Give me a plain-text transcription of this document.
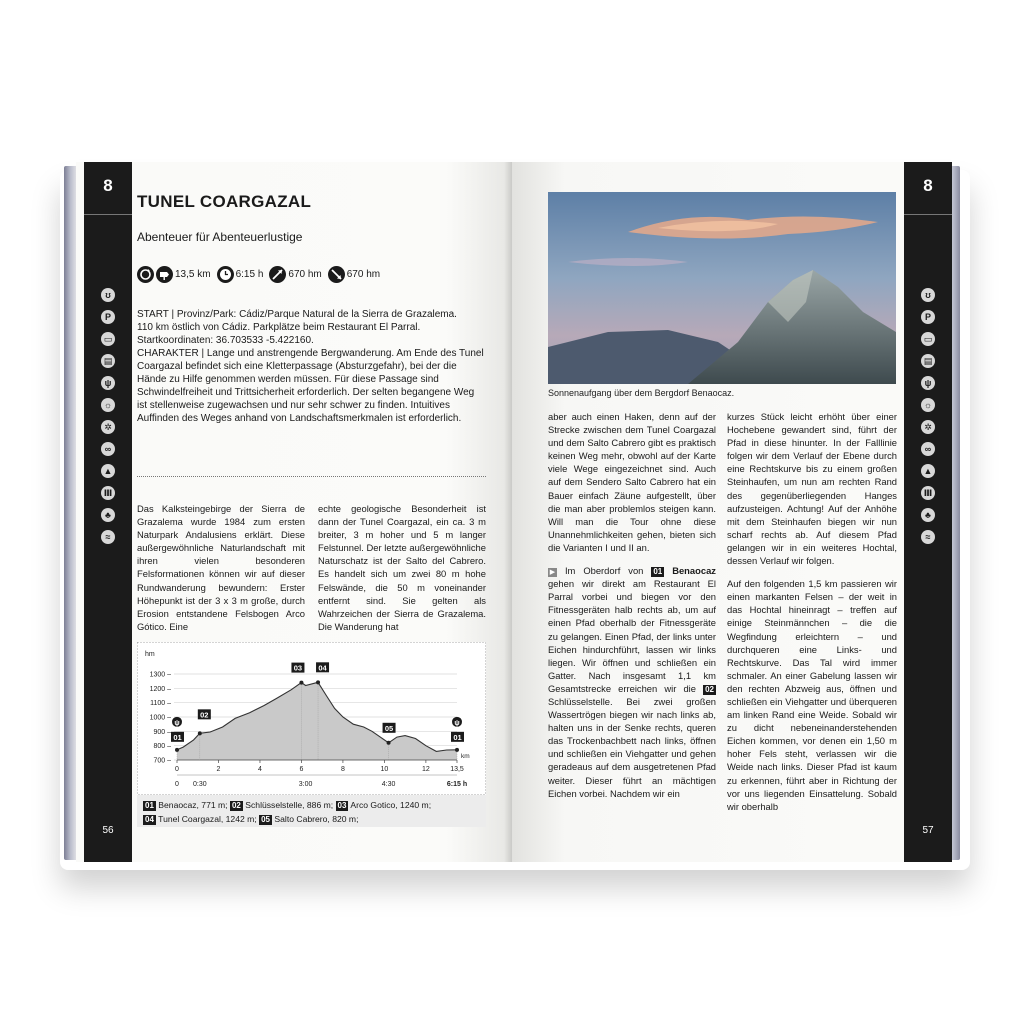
8
ʊ
P
▭
▤
ψ
☼
✲
∞
▲
Ⅲ
♣
≈
56
TUNEL COARGAZAL
Abenteuer für Abenteuerlustige
13,5 km	6:15 h	670 hm	670 hm

START | Provinz/Park: Cádiz/Parque Natural de la Sierra de Grazalema.

110 km östlich von Cádiz. Parkplätze beim Restaurant El Parral.

Startkoordinaten: 36.703533 -5.422160.

CHARAKTER | Lange und anstrengende Bergwanderung. Am Ende des Tunel Coargazal befindet sich eine Kletterpassage (Absturzgefahr), bei der die Hände zu Hilfe genommen werden müssen. Für diese Passage sind Schwindelfreiheit und Trittsicherheit erforderlich. Der selten begangene Weg ist stellenweise zugewachsen und nur sehr schwer zu finden. Intuitives Auffinden des Weges anhand von Landschaftsmerkmalen ist erforderlich.

Das Kalksteingebirge der Sierra de Grazalema wurde 1984 zum ersten Naturpark Andalusiens erklärt. Diese außergewöhnliche Naturlandschaft mit ihren vielen besonderen Felsformationen können wir auf dieser Rundwanderung bewundern: Erster Höhepunkt ist der 3 x 3 m große, durch Erosion entstandene Felsbogen Arco Gótico. Eine
echte geologische Besonderheit ist dann der Tunel Coargazal, ein ca. 3 m breiter, 3 m hoher und 5 m langer Felstunnel. Der letzte außergewöhnliche Naturschatz ist der Salto del Cabrero. Es handelt sich um zwei 80 m hohe Felswände, die 50 m voneinander entfernt sind. Sie gelten als Wahrzeichen der Sierra de Grazalema. Die Wanderung hat
hm
1300 –
1200 –
1100 –
1000 –
900 –
800 –
700 –
0	2	4	6	8	10	12	13,5
km
0 0:30	3:00	4:30	6:15 h
01
02
03 04
05
01
ψ	ψ
01 Benaocaz, 771 m; 02 Schlüsselstelle, 886 m; 03 Arco Gotico, 1240 m;
04 Tunel Coargazal, 1242 m; 05 Salto Cabrero, 820 m;
Sonnenaufgang über dem Bergdorf Benaocaz.
aber auch einen Haken, denn auf der Strecke zwischen dem Tunel Coargazal und dem Salto Cabrero gibt es praktisch keinen Weg mehr, obwohl auf der Karte viele Wege eingezeichnet sind. Auch auf dem Sendero Salto Cabrero hat ein Bauer einfach Zäune aufgestellt, über die man aber problemlos steigen kann. Will man die Tour ohne diese Unannehmlichkeiten gehen, bieten sich die Varianten I und II an.
▶ Im Oberdorf von 01 Benaocaz gehen wir direkt am Restaurant El Parral vorbei und biegen vor den Fitnessgeräten halb rechts ab, um auf einen Pfad oberhalb der Fitnessgeräte zu gelangen. Einen Pfad, der links unter Eichen hindurchführt, lassen wir links liegen. Wir öffnen und schließen ein Gatter. Nach insgesamt 1,1 km Gesamtstrecke erreichen wir die 02 Schlüsselstelle. Bei zwei großen Wassertrögen biegen wir nach links ab, halten uns in der Senke rechts, queren das Trockenbachbett nach links, öffnen und schließen ein Viehgatter und gehen geradeaus auf dem ausgetretenen Pfad weiter. Dieser führt an mächtigen Eichen vorbei. Nachdem wir ein
kurzes Stück leicht erhöht über einer Hochebene gewandert sind, führt der Pfad in diese hinunter. In der Falllinie folgen wir dem Verlauf der Ebene durch eine Rechtskurve bis zu einem großen Steinhaufen, um nun am rechten Rand des gegenüberliegenden Hanges aufzusteigen. Achtung! Auf der Anhöhe mit dem Steinhaufen biegen wir nun scharf rechts ab. Auf diesem Pfad gelangen wir in ein weiteres Hochtal, dessen Verlauf wir folgen.
Auf den folgenden 1,5 km passieren wir einen markanten Felsen – der weit in das Hochtal hineinragt – treffen auf einige Steinmännchen – die die Wegfindung erleichtern – und durchqueren eine Links- und Rechtskurve. Das Tal wird immer schmaler. An einer Gabelung lassen wir den rechten Abzweig aus, öffnen und schließen ein Viehgatter und überqueren am linken Rand eine Weide. Sobald wir zu dicht nebeneinanderstehenden Eichen kommen, vor denen ein 1,50 m hoher Fels steht, verlassen wir die Weide nach links. Dieser Pfad ist kaum zu erkennen, führt aber in Richtung der vor uns liegenden Einsattelung. Sobald wir oberhalb
8
ʊ
P
▭
▤
ψ
☼
✲
∞
▲
Ⅲ
♣
≈
57
